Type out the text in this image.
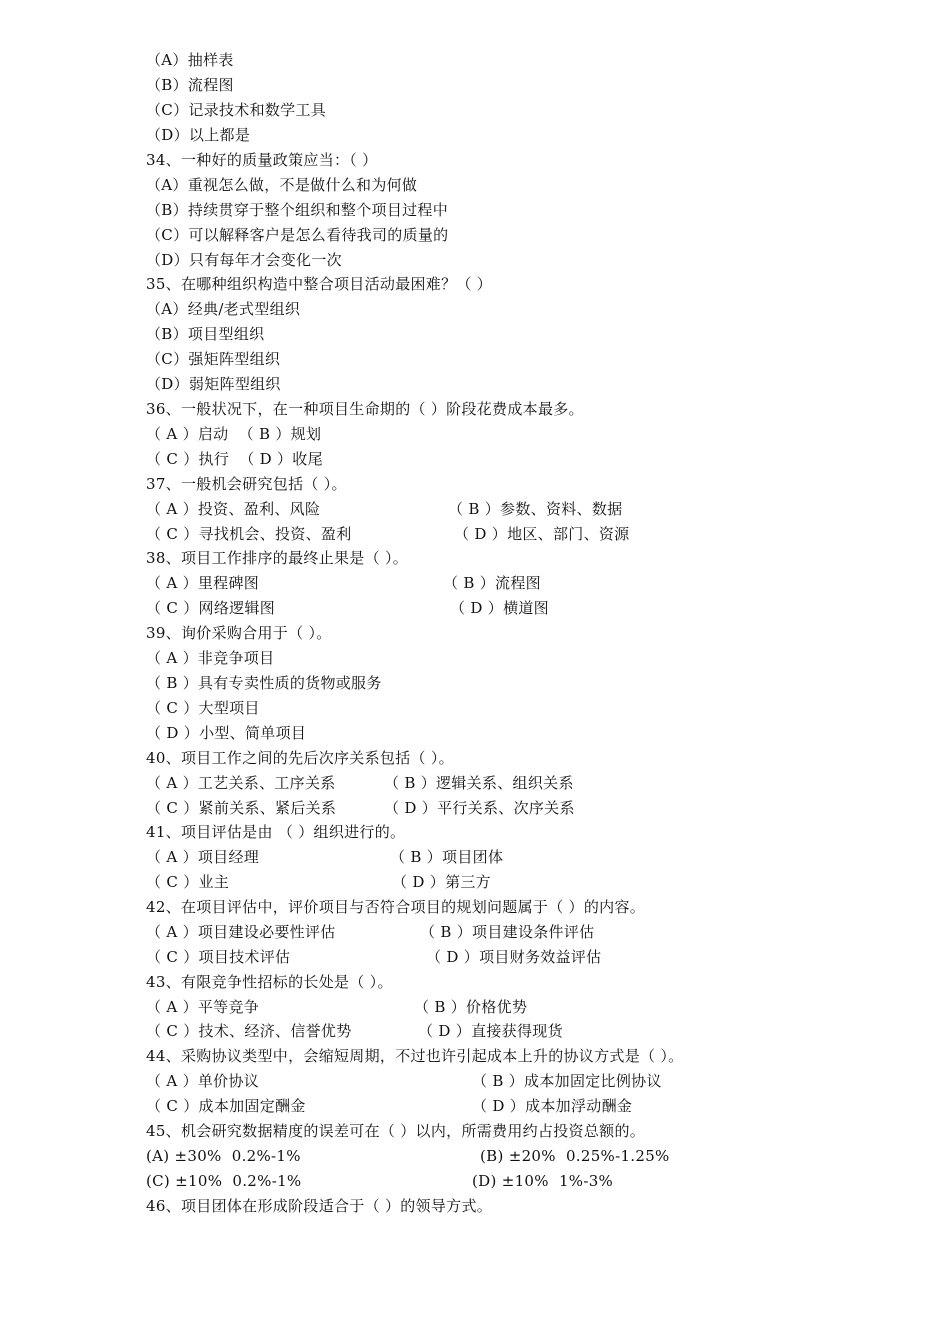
（A）抽样表
（B）流程图
（C）记录技术和数学工具
（D）以上都是
34、一种好的质量政策应当：（ ）
（A）重视怎么做，不是做什么和为何做
（B）持续贯穿于整个组织和整个项目过程中
（C）可以解释客户是怎么看待我司的质量的
（D）只有每年才会变化一次
35、在哪种组织构造中整合项目活动最困难？（ ）
（A）经典/老式型组织
（B）项目型组织
（C）强矩阵型组织
（D）弱矩阵型组织
36、一般状况下，在一种项目生命期的（ ）阶段花费成本最多。
（ A ）启动  （ B ）规划
（ C ）执行  （ D ）收尾
37、一般机会研究包括（ ）。
（ A ）投资、盈利、风险	（ B ）参数、资料、数据
（ C ）寻找机会、投资、盈利	（ D ）地区、部门、资源
38、项目工作排序的最终止果是（ ）。
（ A ）里程碑图	（ B ）流程图
（ C ）网络逻辑图	（ D ）横道图
39、询价采购合用于（ ）。
（ A ）非竞争项目
（ B ）具有专卖性质的货物或服务
（ C ）大型项目
（ D ）小型、简单项目
40、项目工作之间的先后次序关系包括（ ）。
（ A ）工艺关系、工序关系	（ B ）逻辑关系、组织关系
（ C ）紧前关系、紧后关系	（ D ）平行关系、次序关系
41、项目评估是由 （ ）组织进行的。
（ A ）项目经理	（ B ）项目团体
（ C ）业主	（ D ）第三方
42、在项目评估中，评价项目与否符合项目的规划问题属于（ ）的内容。
（ A ）项目建设必要性评估	（ B ）项目建设条件评估
（ C ）项目技术评估	（ D ）项目财务效益评估
43、有限竞争性招标的长处是（ ）。
（ A ）平等竞争	（ B ）价格优势
（ C ）技术、经济、信誉优势	（ D ）直接获得现货
44、采购协议类型中，会缩短周期，不过也许引起成本上升的协议方式是（ ）。
（ A ）单价协议	（ B ）成本加固定比例协议
（ C ）成本加固定酬金	（ D ）成本加浮动酬金
45、机会研究数据精度的误差可在（ ）以内，所需费用约占投资总额的。
(A) ±30%  0.2%-1%	(B) ±20%  0.25%-1.25%
(C) ±10%  0.2%-1%	(D) ±10%  1%-3%
46、项目团体在形成阶段适合于（ ）的领导方式。
